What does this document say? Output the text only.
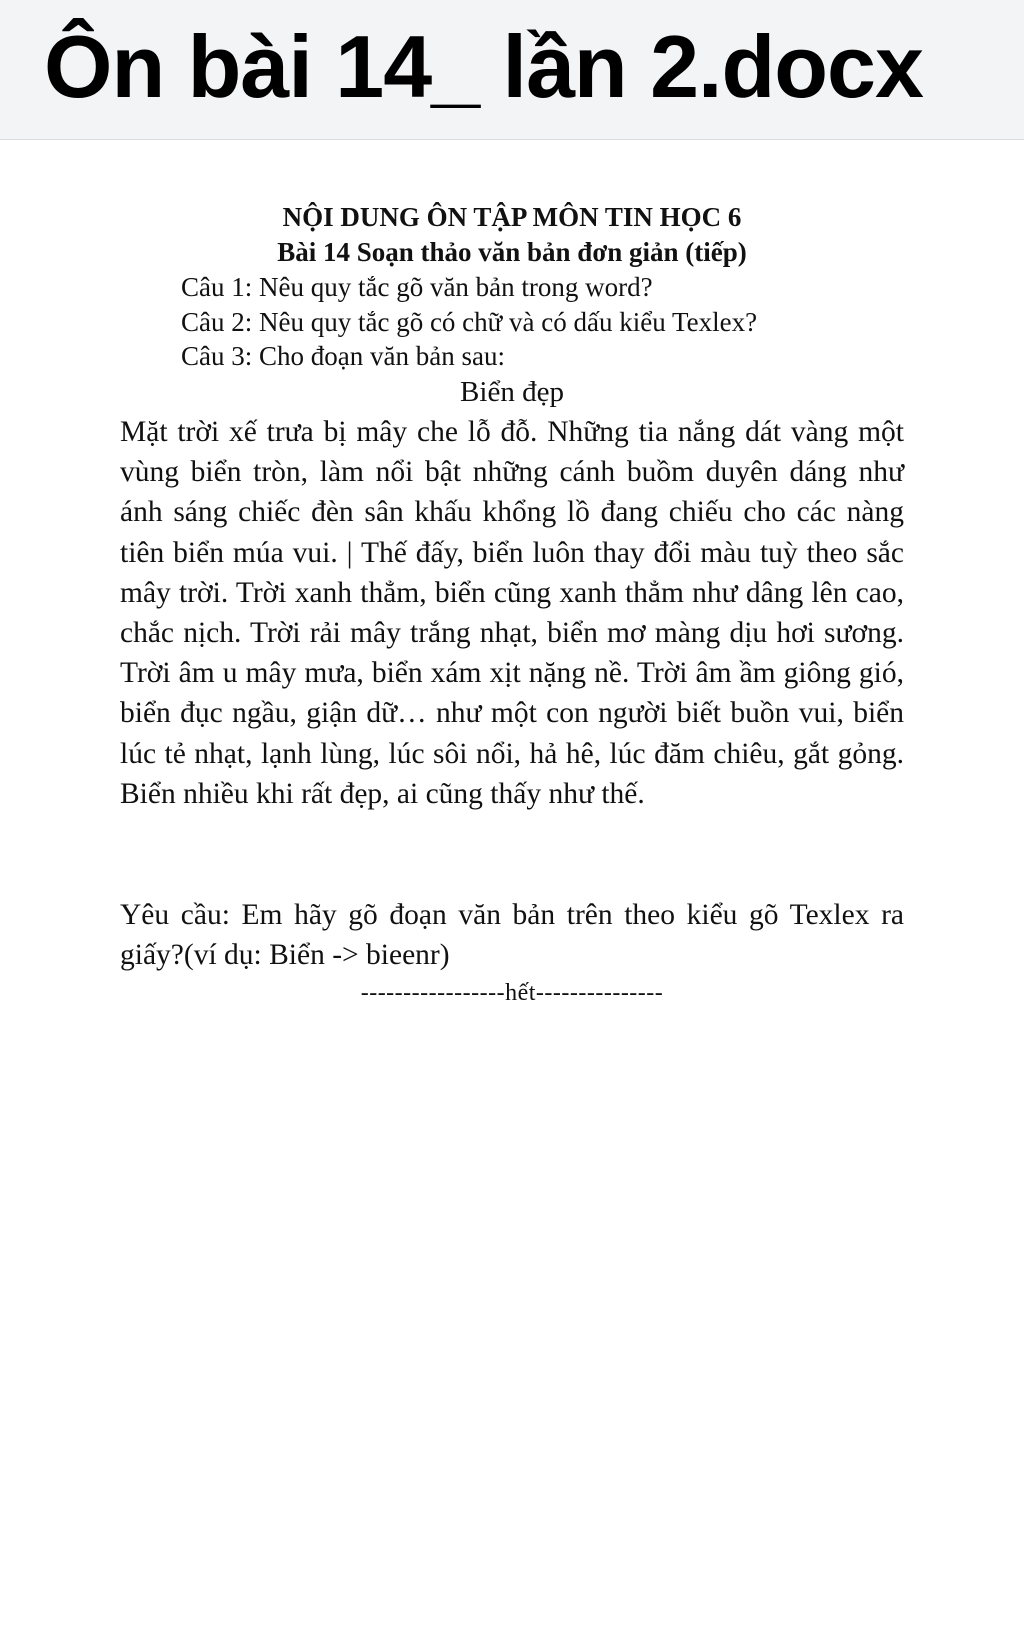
Ôn bài 14_ lần 2.docx
NỘI DUNG ÔN TẬP MÔN TIN HỌC 6
Bài 14 Soạn thảo văn bản đơn giản (tiếp)
Câu 1: Nêu quy tắc gõ văn bản trong word?
Câu 2: Nêu quy tắc gõ có chữ và có dấu kiểu Texlex?
Câu 3: Cho đoạn văn bản sau:
Biển đẹp

Mặt trời xế trưa bị mây che lỗ đỗ. Những tia nắng dát vàng một vùng biển tròn, làm nổi bật những cánh buồm duyên dáng như ánh sáng chiếc đèn sân khấu khổng lồ đang chiếu cho các nàng tiên biển múa vui. | Thế đấy, biển luôn thay đổi màu tuỳ theo sắc mây trời. Trời xanh thẳm, biển cũng xanh thẳm như dâng lên cao, chắc nịch. Trời rải mây trắng nhạt, biển mơ màng dịu hơi sương. Trời âm u mây mưa, biển xám xịt nặng nề. Trời âm ầm giông gió, biển đục ngầu, giận dữ… như một con người biết buồn vui, biển lúc tẻ nhạt, lạnh lùng, lúc sôi nổi, hả hê, lúc đăm chiêu, gắt gỏng. Biển nhiều khi rất đẹp, ai cũng thấy như thế.

Yêu cầu: Em hãy gõ đoạn văn bản trên theo kiểu gõ Texlex ra giấy?(ví dụ: Biển -> bieenr)

-----------------hết---------------
